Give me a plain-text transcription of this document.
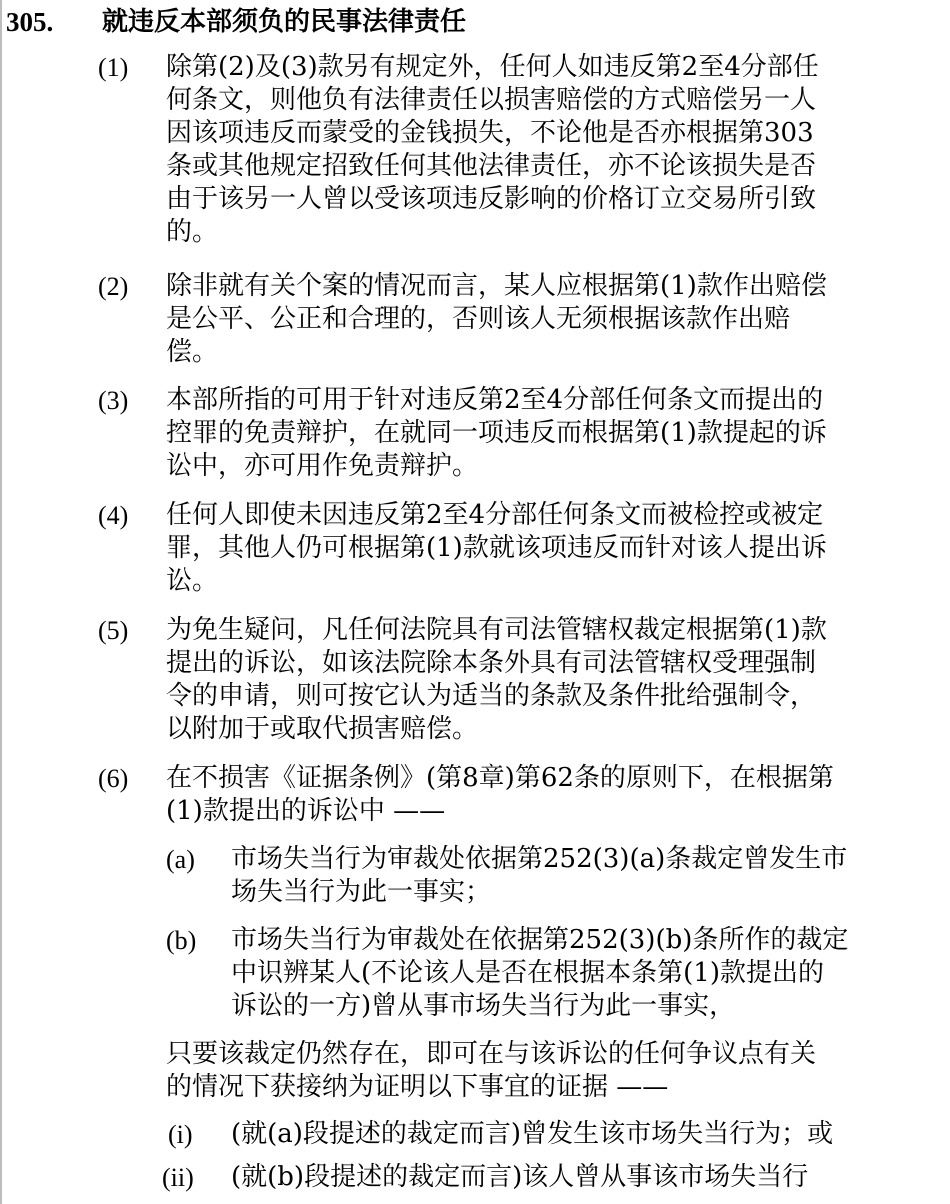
305. 就违反本部须负的民事法律责任
(1) 除第(2)及(3)款另有规定外，任何人如违反第2至4分部任
何条文，则他负有法律责任以损害赔偿的方式赔偿另一人
因该项违反而蒙受的金钱损失，不论他是否亦根据第303
条或其他规定招致任何其他法律责任，亦不论该损失是否
由于该另一人曾以受该项违反影响的价格订立交易所引致
的。
(2) 除非就有关个案的情况而言，某人应根据第(1)款作出赔偿
是公平、公正和合理的，否则该人无须根据该款作出赔
偿。
(3) 本部所指的可用于针对违反第2至4分部任何条文而提出的
控罪的免责辩护，在就同一项违反而根据第(1)款提起的诉
讼中，亦可用作免责辩护。
(4) 任何人即使未因违反第2至4分部任何条文而被检控或被定
罪，其他人仍可根据第(1)款就该项违反而针对该人提出诉
讼。
(5) 为免生疑问，凡任何法院具有司法管辖权裁定根据第(1)款
提出的诉讼，如该法院除本条外具有司法管辖权受理强制
令的申请，则可按它认为适当的条款及条件批给强制令，
以附加于或取代损害赔偿。
(6) 在不损害《证据条例》(第8章)第62条的原则下，在根据第
(1)款提出的诉讼中 ——
(a) 市场失当行为审裁处依据第252(3)(a)条裁定曾发生市
场失当行为此一事实；
(b) 市场失当行为审裁处在依据第252(3)(b)条所作的裁定
中识辨某人(不论该人是否在根据本条第(1)款提出的
诉讼的一方)曾从事市场失当行为此一事实，
只要该裁定仍然存在，即可在与该诉讼的任何争议点有关
的情况下获接纳为证明以下事宜的证据 ——
(i) (就(a)段提述的裁定而言)曾发生该市场失当行为；或
(ii) (就(b)段提述的裁定而言)该人曾从事该市场失当行
